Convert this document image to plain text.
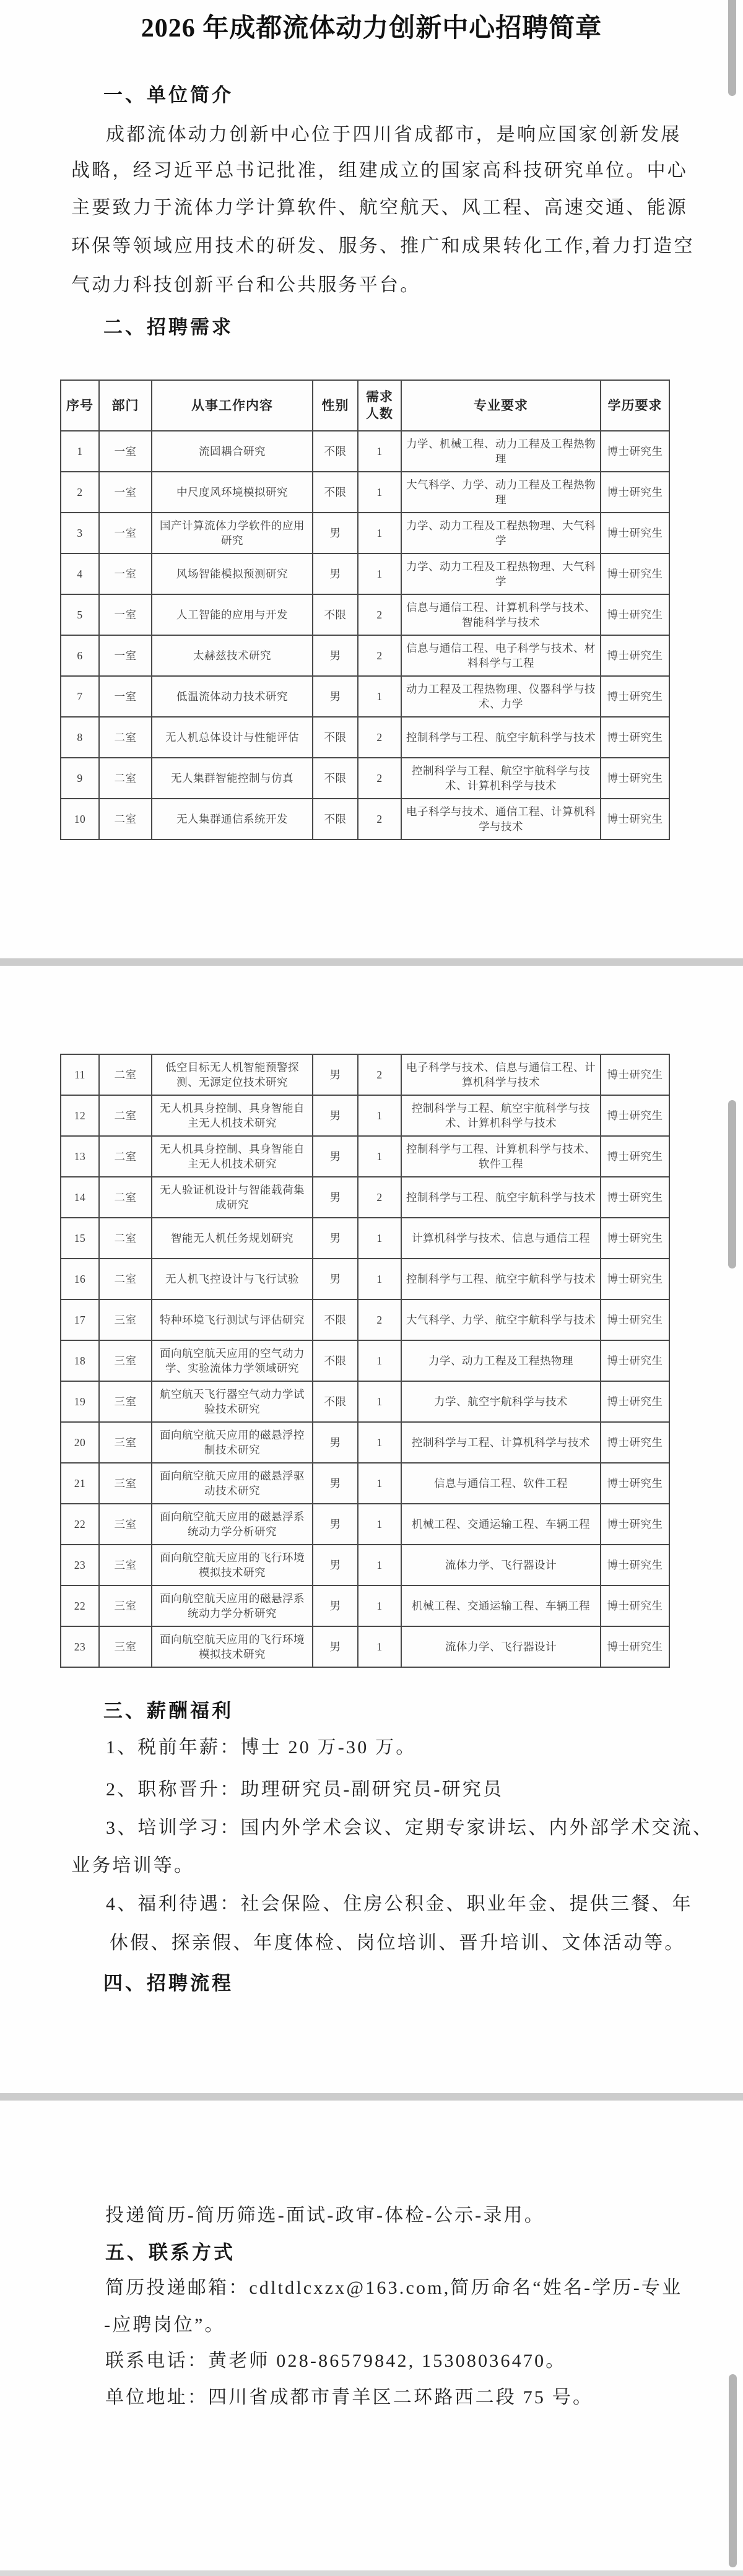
2026 年成都流体动力创新中心招聘简章
一、单位简介
成都流体动力创新中心位于四川省成都市，是响应国家创新发展
战略，经习近平总书记批准，组建成立的国家高科技研究单位。中心
主要致力于流体力学计算软件、航空航天、风工程、高速交通、能源
环保等领域应用技术的研发、服务、推广和成果转化工作,着力打造空
气动力科技创新平台和公共服务平台。
二、招聘需求
序号	部门	从事工作内容	性别	需求人数	专业要求	学历要求
1	一室	流固耦合研究	不限	1	力学、机械工程、动力工程及工程热物理	博士研究生
2	一室	中尺度风环境模拟研究	不限	1	大气科学、力学、动力工程及工程热物理	博士研究生
3	一室	国产计算流体力学软件的应用研究	男	1	力学、动力工程及工程热物理、大气科学	博士研究生
4	一室	风场智能模拟预测研究	男	1	力学、动力工程及工程热物理、大气科学	博士研究生
5	一室	人工智能的应用与开发	不限	2	信息与通信工程、计算机科学与技术、智能科学与技术	博士研究生
6	一室	太赫兹技术研究	男	2	信息与通信工程、电子科学与技术、材料科学与工程	博士研究生
7	一室	低温流体动力技术研究	男	1	动力工程及工程热物理、仪器科学与技术、力学	博士研究生
8	二室	无人机总体设计与性能评估	不限	2	控制科学与工程、航空宇航科学与技术	博士研究生
9	二室	无人集群智能控制与仿真	不限	2	控制科学与工程、航空宇航科学与技术、计算机科学与技术	博士研究生
10	二室	无人集群通信系统开发	不限	2	电子科学与技术、通信工程、计算机科学与技术	博士研究生
11	二室	低空目标无人机智能预警探测、无源定位技术研究	男	2	电子科学与技术、信息与通信工程、计算机科学与技术	博士研究生
12	二室	无人机具身控制、具身智能自主无人机技术研究	男	1	控制科学与工程、航空宇航科学与技术、计算机科学与技术	博士研究生
13	二室	无人机具身控制、具身智能自主无人机技术研究	男	1	控制科学与工程、计算机科学与技术、软件工程	博士研究生
14	二室	无人验证机设计与智能载荷集成研究	男	2	控制科学与工程、航空宇航科学与技术	博士研究生
15	二室	智能无人机任务规划研究	男	1	计算机科学与技术、信息与通信工程	博士研究生
16	二室	无人机飞控设计与飞行试验	男	1	控制科学与工程、航空宇航科学与技术	博士研究生
17	三室	特种环境飞行测试与评估研究	不限	2	大气科学、力学、航空宇航科学与技术	博士研究生
18	三室	面向航空航天应用的空气动力学、实验流体力学领域研究	不限	1	力学、动力工程及工程热物理	博士研究生
19	三室	航空航天飞行器空气动力学试验技术研究	不限	1	力学、航空宇航科学与技术	博士研究生
20	三室	面向航空航天应用的磁悬浮控制技术研究	男	1	控制科学与工程、计算机科学与技术	博士研究生
21	三室	面向航空航天应用的磁悬浮驱动技术研究	男	1	信息与通信工程、软件工程	博士研究生
22	三室	面向航空航天应用的磁悬浮系统动力学分析研究	男	1	机械工程、交通运输工程、车辆工程	博士研究生
23	三室	面向航空航天应用的飞行环境模拟技术研究	男	1	流体力学、飞行器设计	博士研究生
22	三室	面向航空航天应用的磁悬浮系统动力学分析研究	男	1	机械工程、交通运输工程、车辆工程	博士研究生
23	三室	面向航空航天应用的飞行环境模拟技术研究	男	1	流体力学、飞行器设计	博士研究生
三、薪酬福利
1、税前年薪：博士 20 万-30 万。
2、职称晋升：助理研究员-副研究员-研究员
3、培训学习：国内外学术会议、定期专家讲坛、内外部学术交流、
业务培训等。
4、福利待遇：社会保险、住房公积金、职业年金、提供三餐、年
休假、探亲假、年度体检、岗位培训、晋升培训、文体活动等。
四、招聘流程
投递简历-简历筛选-面试-政审-体检-公示-录用。
五、联系方式
简历投递邮箱：cdltdlcxzx@163.com,简历命名“姓名-学历-专业
-应聘岗位”。
联系电话：黄老师 028-86579842, 15308036470。
单位地址：四川省成都市青羊区二环路西二段 75 号。
